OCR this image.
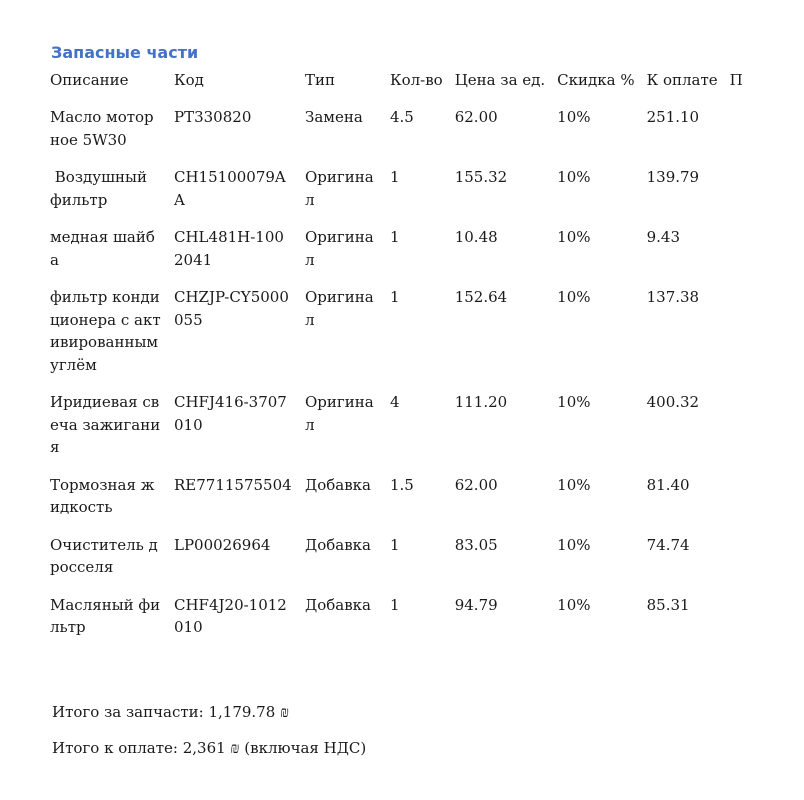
Запасные части
Описание	Код	Тип	Кол-во	Цена за ед.	Скидка %	К оплате	П
Масло моторное 5W30	PT330820	Замена	4.5	62.00	10%	251.10	
Воздушный фильтр	CH15100079AA	Оригинал	1	155.32	10%	139.79	
медная шайба	CHL481H-1002041	Оригинал	1	10.48	10%	9.43	
фильтр кондиционера с активированным углём	CHZJP-CY5000055	Оригинал	1	152.64	10%	137.38	
Иридиевая свеча зажигания	CHFJ416-3707010	Оригинал	4	111.20	10%	400.32	
Тормозная жидкость	RE7711575504	Добавка	1.5	62.00	10%	81.40	
Очиститель дросселя	LP00026964	Добавка	1	83.05	10%	74.74	
Масляный фильтр	CHF4J20-1012010	Добавка	1	94.79	10%	85.31	

Итого за запчасти: 1,179.78 ₪

Итого к оплате: 2,361 ₪ (включая НДС)
